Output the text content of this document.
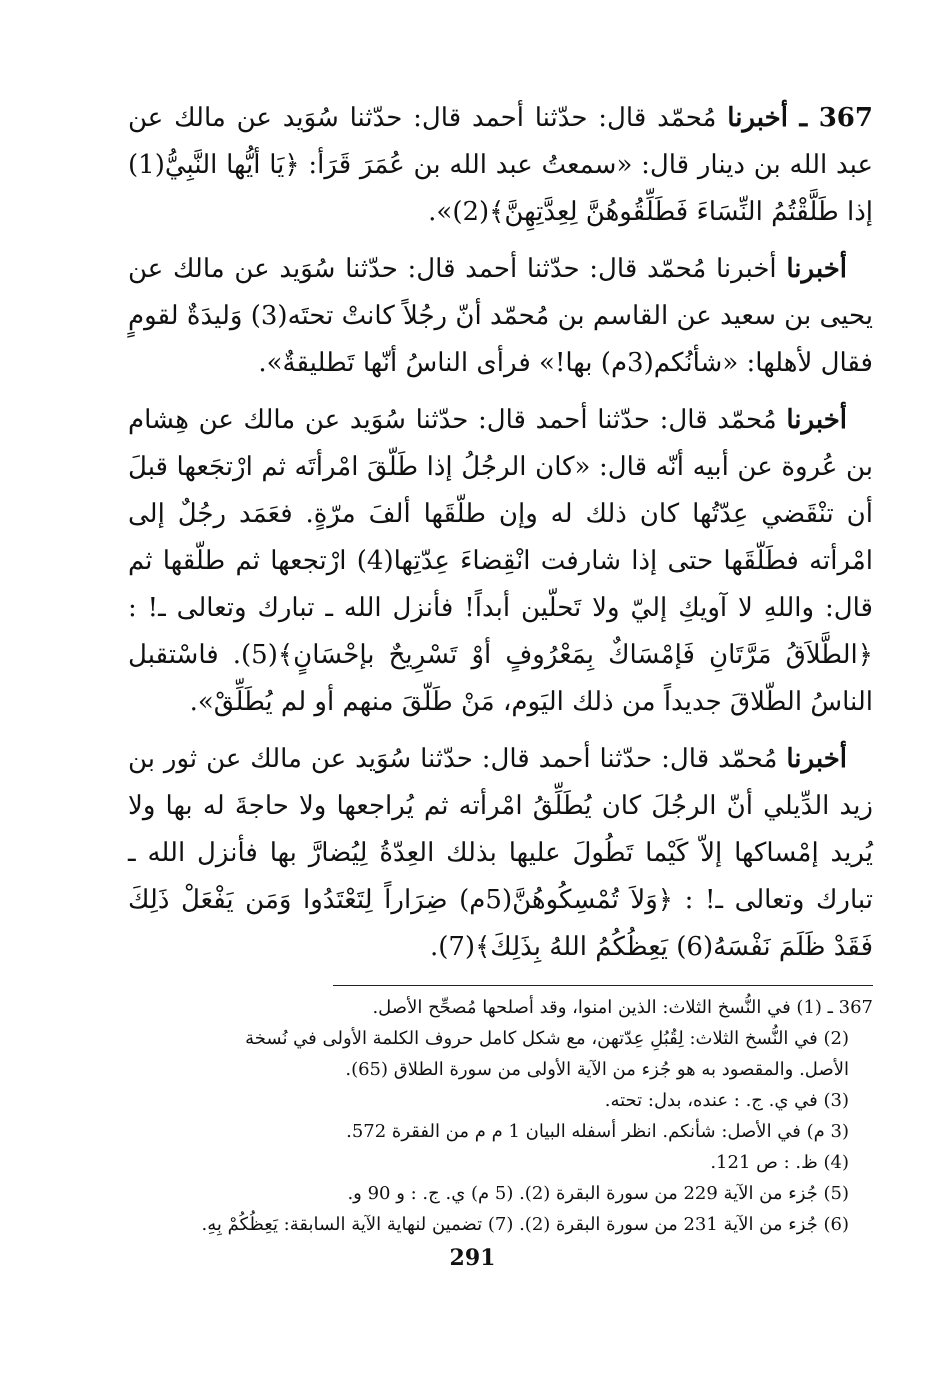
367 ـ أخبرنا مُحمّد قال: حدّثنا أحمد قال: حدّثنا سُوَيد عن مالك عن عبد الله بن دينار قال: «سمعتُ عبد الله بن عُمَرَ قَرَأ: ﴿يَا أيُّها النَّبِيُّ(1) إذا طَلَّقْتُمُ النِّسَاءَ فَطَلِّقُوهُنَّ لِعِدَّتِهِنَّ﴾(2)».

أخبرنا أخبرنا مُحمّد قال: حدّثنا أحمد قال: حدّثنا سُوَيد عن مالك عن يحيى بن سعيد عن القاسم بن مُحمّد أنّ رجُلاً كانتْ تحتَه(3) وَليدَةٌ لقومٍ فقال لأهلها: «شأنُكم(3م) بها!» فرأى الناسُ أنّها تَطليقةٌ».

أخبرنا مُحمّد قال: حدّثنا أحمد قال: حدّثنا سُوَيد عن مالك عن هِشام بن عُروة عن أبيه أنّه قال: «كان الرجُلُ إذا طَلّقَ امْرأتَه ثم ارْتجَعها قبلَ أن تنْقَضي عِدّتُها كان ذلك له وإن طلّقَها ألفَ مرّةٍ. فعَمَد رجُلٌ إلى امْرأته فطَلّقَها حتى إذا شارفت انْقِضاءَ عِدّتِها(4) ارْتجعها ثم طلّقها ثم قال: واللهِ لا آويكِ إليّ ولا تَحلّين أبداً! فأنزل الله ـ تبارك وتعالى ـ! : ﴿الطَّلاَقُ مَرَّتَانِ فَإمْسَاكٌ بِمَعْرُوفٍ أوْ تَسْرِيحٌ بإحْسَانٍ﴾(5). فاسْتقبل الناسُ الطّلاقَ جديداً من ذلك اليَوم، مَنْ طَلّقَ منهم أو لم يُطَلِّقْ».

أخبرنا مُحمّد قال: حدّثنا أحمد قال: حدّثنا سُوَيد عن مالك عن ثور بن زيد الدِّيلي أنّ الرجُلَ كان يُطَلِّقُ امْرأته ثم يُراجعها ولا حاجةَ له بها ولا يُريد إمْساكها إلاّ كَيْما تَطُولَ عليها بذلك العِدّةُ لِيُضارَّ بها فأنزل الله ـ تبارك وتعالى ـ! : ﴿وَلاَ تُمْسِكُوهُنَّ(5م) ضِرَاراً لِتَعْتَدُوا وَمَن يَفْعَلْ ذَلِكَ فَقَدْ ظَلَمَ نَفْسَهُ(6) يَعِظُكُمُ اللهُ بِذَلِكَ﴾(7).

367 ـ (1) في النُّسخ الثلاث: الذين امنوا، وقد أصلحها مُصحِّح الأصل.

(2) في النُّسخ الثلاث: لِقُبُلِ عِدّتهن، مع شكل كامل حروف الكلمة الأولى في نُسخة

الأصل. والمقصود به هو جُزء من الآية الأولى من سورة الطلاق (65).

(3) في ي. ج. : عنده، بدل: تحته.

(3 م) في الأصل: شأنكم. انظر أسفله البيان 1 م م من الفقرة 572.

(4) ظ. : ص 121.

(5) جُزء من الآية 229 من سورة البقرة (2). (5 م) ي. ج. : و 90 و.

(6) جُزء من الآية 231 من سورة البقرة (2). (7) تضمين لنهاية الآية السابقة: يَعِظُكُمْ بِهِ.

291
